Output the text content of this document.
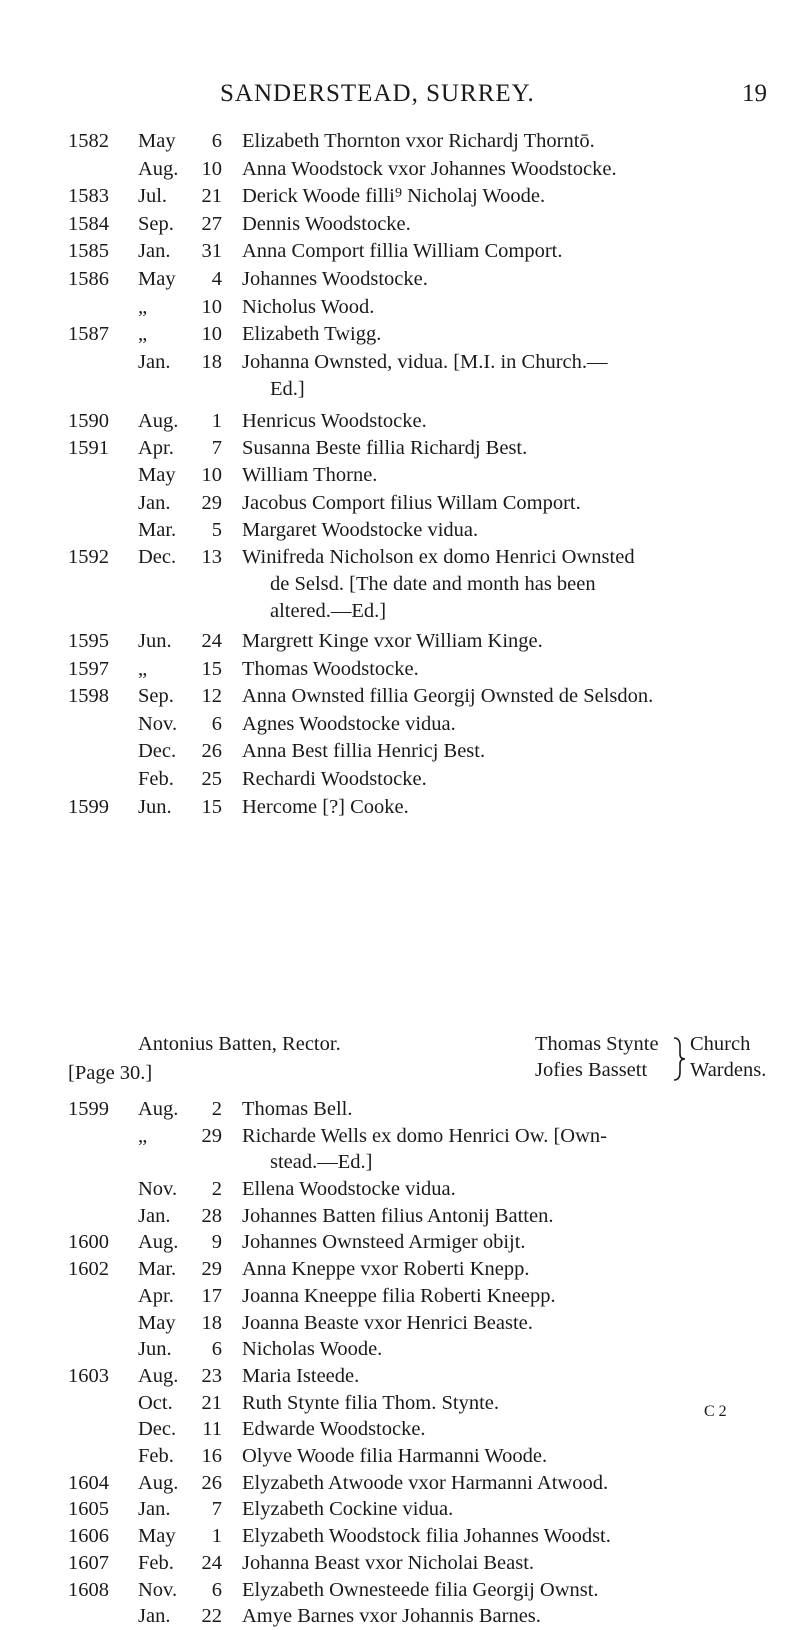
SANDERSTEAD, SURREY.	19
1582	May	6 Elizabeth Thornton vxor Richardj Thorntō.
Aug.	10 Anna Woodstock vxor Johannes Woodstocke.
1583	Jul.	21 Derick Woode filli⁹ Nicholaj Woode.
1584	Sep.	27 Dennis Woodstocke.
1585	Jan.	31 Anna Comport fillia William Comport.
1586	May	4 Johannes Woodstocke.
„	10 Nicholus Wood.
1587	„	10 Elizabeth Twigg.
Jan.	18 Johanna Ownsted, vidua. [M.I. in Church.—
Ed.]
1590	Aug.	1 Henricus Woodstocke.
1591	Apr.	7 Susanna Beste fillia Richardj Best.
May	10 William Thorne.
Jan.	29 Jacobus Comport filius Willam Comport.
Mar.	5 Margaret Woodstocke vidua.
1592	Dec.	13 Winifreda Nicholson ex domo Henrici Ownsted
de Selsd. [The date and month has been
altered.—Ed.]
1595	Jun.	24 Margrett Kinge vxor William Kinge.
1597	„	15 Thomas Woodstocke.
1598	Sep.	12 Anna Ownsted fillia Georgij Ownsted de Selsdon.
Nov.	6 Agnes Woodstocke vidua.
Dec.	26 Anna Best fillia Henricj Best.
Feb.	25 Rechardi Woodstocke.
1599	Jun.	15 Hercome [?] Cooke.
Antonius Batten, Rector.	Thomas Stynte
Jofies Bassett
Church
Wardens.
[Page 30.]
1599	Aug.	2 Thomas Bell.
„	29 Richarde Wells ex domo Henrici Ow. [Own-
stead.—Ed.]
Nov.	2 Ellena Woodstocke vidua.
Jan.	28 Johannes Batten filius Antonij Batten.
1600	Aug.	9 Johannes Ownsteed Armiger obijt.
1602	Mar.	29 Anna Kneppe vxor Roberti Knepp.
Apr.	17 Joanna Kneeppe filia Roberti Kneepp.
May	18 Joanna Beaste vxor Henrici Beaste.
Jun.	6 Nicholas Woode.
1603	Aug.	23 Maria Isteede.
Oct.	21 Ruth Stynte filia Thom. Stynte.
Dec.	11 Edwarde Woodstocke.
Feb.	16 Olyve Woode filia Harmanni Woode.
1604	Aug.	26 Elyzabeth Atwoode vxor Harmanni Atwood.
1605	Jan.	7 Elyzabeth Cockine vidua.
1606	May	1 Elyzabeth Woodstock filia Johannes Woodst.
1607	Feb.	24 Johanna Beast vxor Nicholai Beast.
1608	Nov.	6 Elyzabeth Ownesteede filia Georgij Ownst.
Jan.	22 Amye Barnes vxor Johannis Barnes.
C 2
